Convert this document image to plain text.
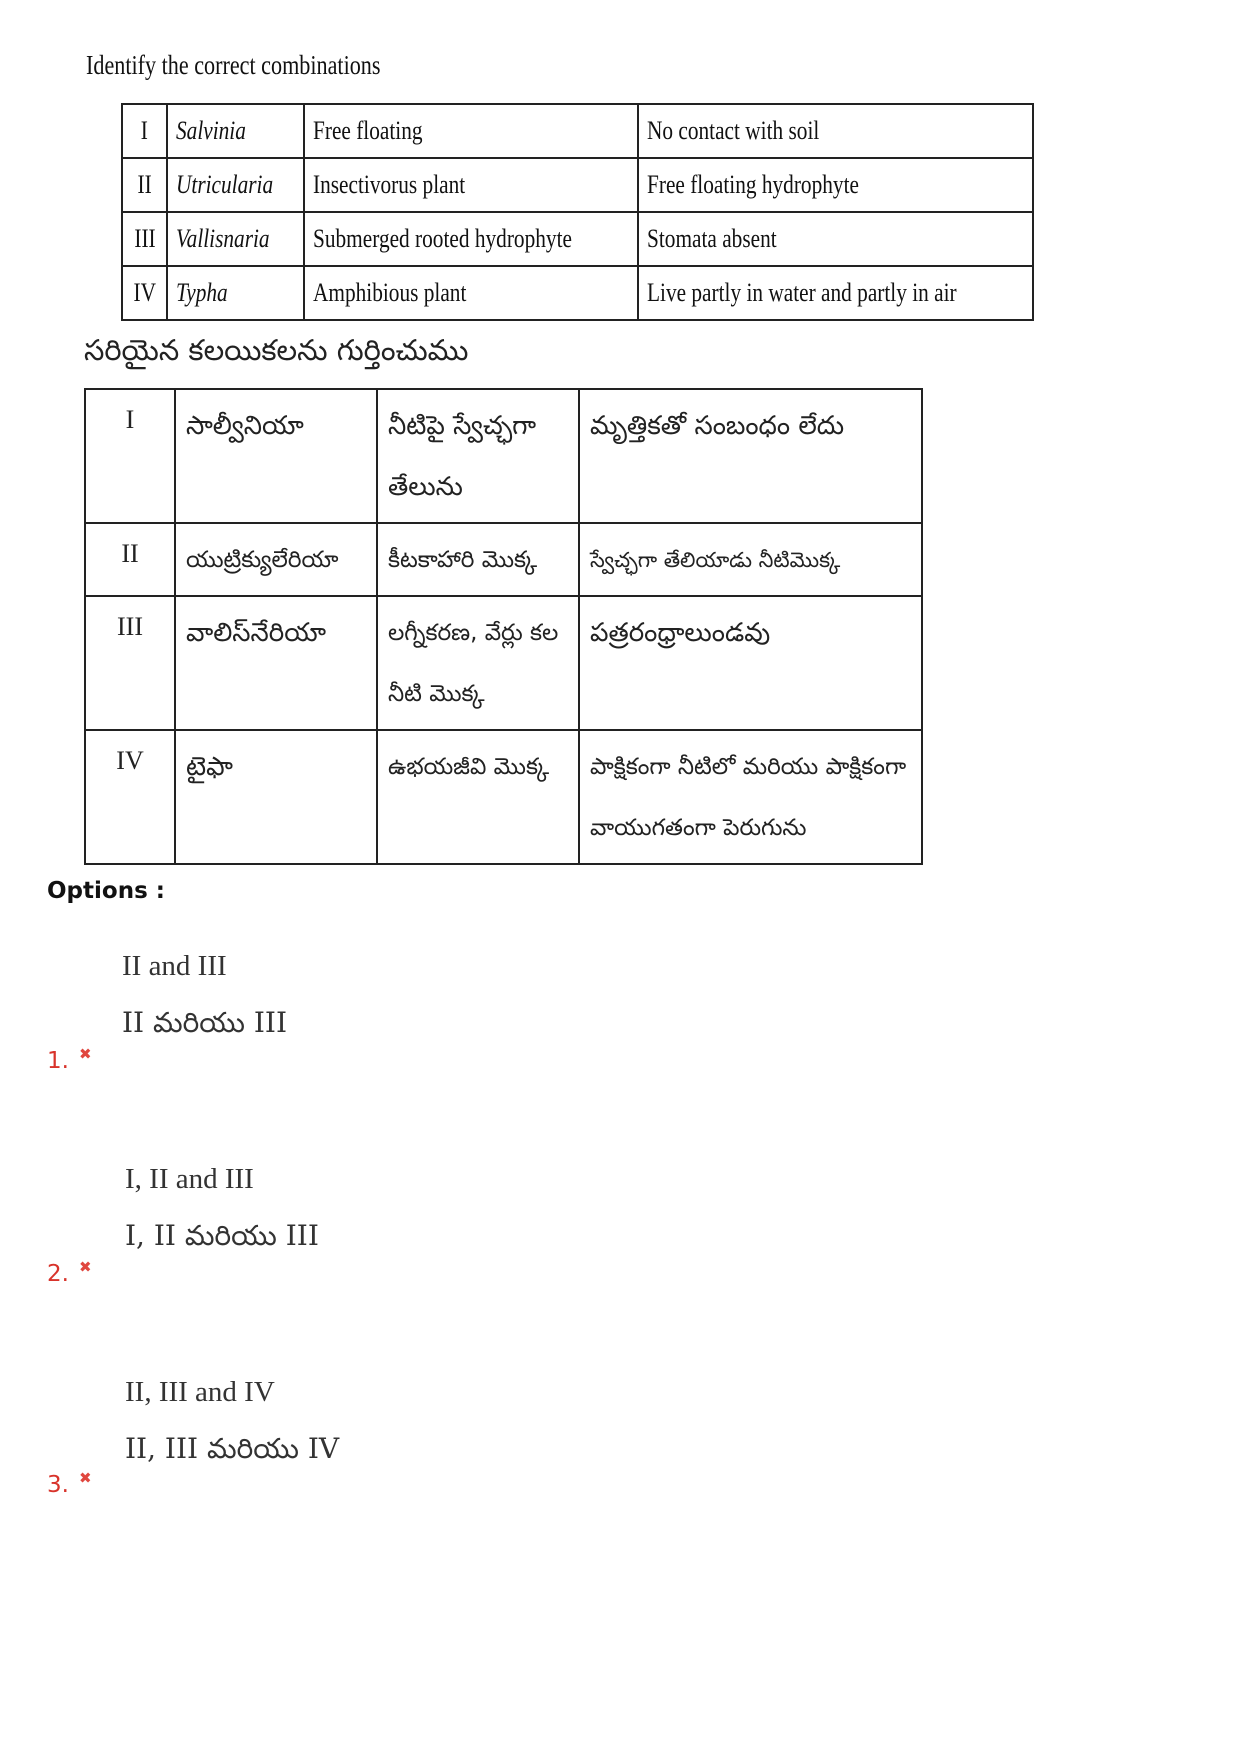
Identify the correct combinations
I	Salvinia	Free floating	No contact with soil
II	Utricularia	Insectivorus plant	Free floating hydrophyte
III	Vallisnaria	Submerged rooted hydrophyte	Stomata absent
IV	Typha	Amphibious plant	Live partly in water and partly in air
సరియైన కలయికలను గుర్తించుము
I	సాల్వీనియా	నీటిపై స్వేచ్ఛగా తేలును	మృత్తికతో సంబంధం లేదు
II	యుట్రిక్యులేరియా	కీటకాహారి మొక్క	స్వేచ్ఛగా తేలియాడు నీటిమొక్క
III	వాలిస్‌నేరియా	లగ్నీకరణ, వేర్లు కల నీటి మొక్క	పత్రరంధ్రాలుండవు
IV	టైఫా	ఉభయజీవి మొక్క	పాక్షికంగా నీటిలో మరియు పాక్షికంగా వాయుగతంగా పెరుగును
Options :
II and III
II మరియు III
1. ✖
I, II and III
I, II మరియు III
2. ✖
II, III and IV
II, III మరియు IV
3. ✖
